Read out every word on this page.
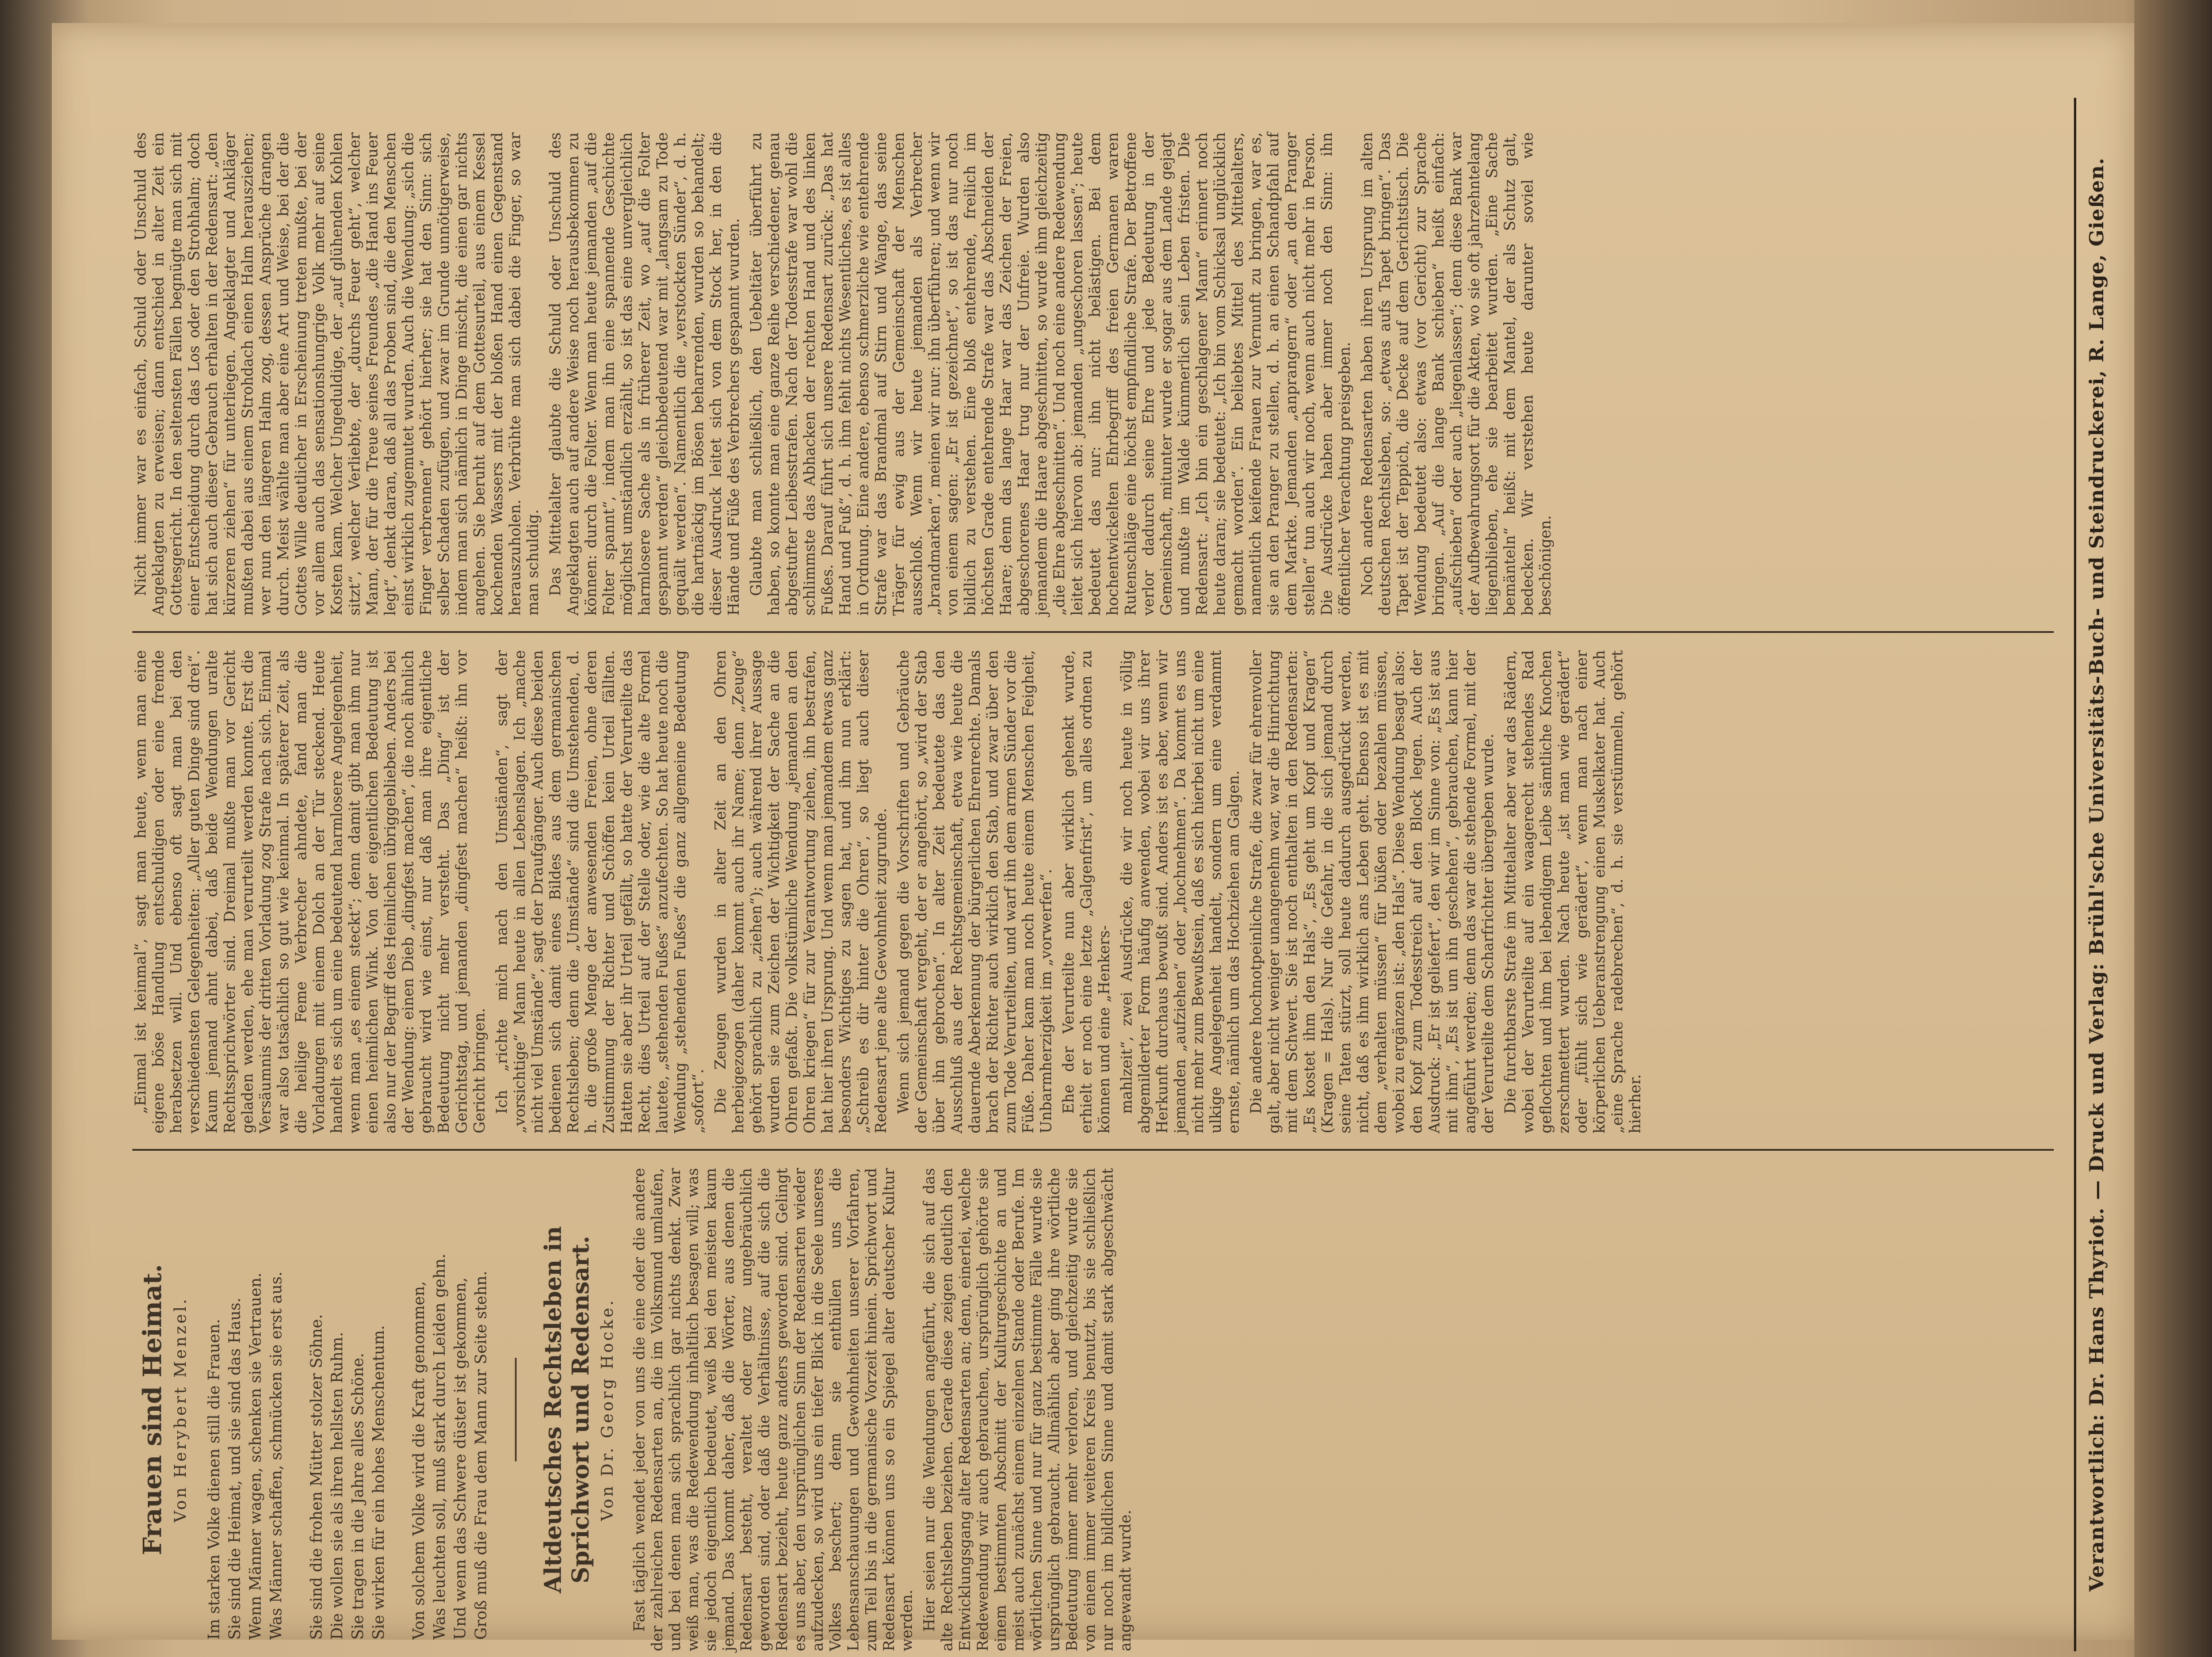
Frauen sind Heimat. Von Herybert Menzel. Im starken Volke dienen still die Frauen. Sie sind die Heimat, und sie sind das Haus. Wenn Männer wagen, schenken sie Vertrauen. Was Männer schaffen, schmücken sie erst aus. Sie sind die frohen Mütter stolzer Söhne. Die wollen sie als ihren hellsten Ruhm. Sie tragen in die Jahre alles Schöne. Sie wirken für ein hohes Menschentum. Von solchem Volke wird die Kraft genommen, Was leuchten soll, muß stark durch Leiden gehn. Und wenn das Schwere düster ist gekommen, Groß muß die Frau dem Mann zur Seite stehn. Altdeutsches Rechtsleben in Sprichwort und Redensart. Von Dr. Georg Hocke. Fast täglich wendet jeder von uns die eine oder die andere der zahlreichen Redensarten an, die im Volksmund umlaufen, und bei denen man sich sprachlich gar nichts denkt. Zwar weiß man, was die Redewendung inhaltlich besagen will; was sie jedoch eigentlich bedeutet, weiß bei den meisten kaum jemand. Das kommt daher, daß die Wörter, aus denen die Redensart besteht, veraltet oder ganz ungebräuchlich geworden sind, oder daß die Verhältnisse, auf die sich die Redensart bezieht, heute ganz anders geworden sind. Gelingt es uns aber, den ursprünglichen Sinn der Redensarten wieder aufzudecken, so wird uns ein tiefer Blick in die Seele unseres Volkes beschert; denn sie enthüllen uns die Lebensanschauungen und Gewohnheiten unserer Vorfahren, zum Teil bis in die germanische Vorzeit hinein. Sprichwort und Redensart können uns so ein Spiegel alter deutscher Kultur werden. Hier seien nur die Wendungen angeführt, die sich auf das alte Rechtsleben beziehen. Gerade diese zeigen deutlich den Entwicklungsgang alter Redensarten an; denn, einerlei, welche Redewendung wir auch gebrauchen, ursprünglich gehörte sie einem bestimmten Abschnitt der Kulturgeschichte an und meist auch zunächst einem einzelnen Stande oder Berufe. Im wörtlichen Sinne und nur für ganz bestimmte Fälle wurde sie ursprünglich gebraucht. Allmählich aber ging ihre wörtliche Bedeutung immer mehr verloren, und gleichzeitig wurde sie von einem immer weiteren Kreis benutzt, bis sie schließlich nur noch im bildlichen Sinne und damit stark abgeschwächt angewandt wurde.

„Einmal ist keinmal“, sagt man heute, wenn man eine eigene böse Handlung entschuldigen oder eine fremde herabsetzen will. Und ebenso oft sagt man bei den verschiedensten Gelegenheiten: „Aller guten Dinge sind drei“. Kaum jemand ahnt dabei, daß beide Wendungen uralte Rechtssprichwörter sind. Dreimal mußte man vor Gericht geladen werden, ehe man verurteilt werden konnte. Erst die Versäumnis der dritten Vorladung zog Strafe nach sich. Einmal war also tatsächlich so gut wie keinmal. In späterer Zeit, als die heilige Feme Verbrecher ahndete, fand man die Vorladungen mit einem Dolch an der Tür steckend. Heute handelt es sich um eine bedeutend harmlosere Angelegenheit, wenn man „es einem steckt“; denn damit gibt man ihm nur einen heimlichen Wink. Von der eigentlichen Bedeutung ist also nur der Begriff des Heimlichen übriggeblieben. Anders bei der Wendung: einen Dieb „dingfest machen“, die noch ähnlich gebraucht wird wie einst, nur daß man ihre eigentliche Bedeutung nicht mehr versteht. Das „Ding“ ist der Gerichtstag, und jemanden „dingfest machen“ heißt: ihn vor Gericht bringen. Ich „richte mich nach den Umständen“, sagt der „vorsichtige“ Mann heute in allen Lebenslagen. Ich „mache nicht viel Umstände“, sagt der Draufgänger. Auch diese beiden bedienen sich damit eines Bildes aus dem germanischen Rechtsleben; denn die „Umstände“ sind die Umstehenden, d. h. die große Menge der anwesenden Freien, ohne deren Zustimmung der Richter und Schöffen kein Urteil fällten. Hatten sie aber ihr Urteil gefällt, so hatte der Verurteilte das Recht, dies Urteil auf der Stelle oder, wie die alte Formel lautete, „stehenden Fußes“ anzufechten. So hat heute noch die Wendung „stehenden Fußes“ die ganz allgemeine Bedeutung „sofort“. Die Zeugen wurden in alter Zeit an den Ohren herbeigezogen (daher kommt auch ihr Name; denn „Zeuge“ gehört sprachlich zu „ziehen“); auch während ihrer Aussage wurden sie zum Zeichen der Wichtigkeit der Sache an die Ohren gefaßt. Die volkstümliche Wendung „jemanden an den Ohren kriegen“ für zur Verantwortung ziehen, ihn bestrafen, hat hier ihren Ursprung. Und wenn man jemandem etwas ganz besonders Wichtiges zu sagen hat, und ihm nun erklärt: „Schreib es dir hinter die Ohren“, so liegt auch dieser Redensart jene alte Gewohnheit zugrunde. Wenn sich jemand gegen die Vorschriften und Gebräuche der Gemeinschaft vergeht, der er angehört, so „wird der Stab über ihn gebrochen“. In alter Zeit bedeutete das den Ausschluß aus der Rechtsgemeinschaft, etwa wie heute die dauernde Aberkennung der bürgerlichen Ehrenrechte. Damals brach der Richter auch wirklich den Stab, und zwar über den zum Tode Verurteilten, und warf ihn dem armen Sünder vor die Füße. Daher kam man noch heute einem Menschen Feigheit, Unbarmherzigkeit im „vorwerfen“. Ehe der Verurteilte nun aber wirklich gehenkt wurde, erhielt er noch eine letzte „Galgenfrist“, um alles ordnen zu können und eine „Henkers- mahlzeit“, zwei Ausdrücke, die wir noch heute in völlig abgemilderter Form häufig anwenden, wobei wir uns ihrer Herkunft durchaus bewußt sind. Anders ist es aber, wenn wir jemanden „aufziehen“ oder „hochnehmen“. Da kommt es uns nicht mehr zum Bewußtsein, daß es sich hierbei nicht um eine ulkige Angelegenheit handelt, sondern um eine verdammt ernste, nämlich um das Hochziehen am Galgen. Die andere hochnotpeinliche Strafe, die zwar für ehrenvoller galt, aber nicht weniger unangenehm war, war die Hinrichtung mit dem Schwert. Sie ist noch enthalten in den Redensarten: „Es kostet ihm den Hals“, „Es geht um Kopf und Kragen“ (Kragen = Hals). Nur die Gefahr, in die sich jemand durch seine Taten stürzt, soll heute dadurch ausgedrückt werden, nicht, daß es ihm wirklich ans Leben geht. Ebenso ist es mit dem „verhalten müssen“ für büßen oder bezahlen müssen, wobei zu ergänzen ist: „den Hals“. Diese Wendung besagt also: den Kopf zum Todesstreich auf den Block legen. Auch der Ausdruck: „Er ist geliefert“, den wir im Sinne von: „Es ist aus mit ihm“, „Es ist um ihn geschehen“, gebrauchen, kann hier angeführt werden; denn das war die stehende Formel, mit der der Verurteilte dem Scharfrichter übergeben wurde. Die furchtbarste Strafe im Mittelalter aber war das Rädern, wobei der Verurteilte auf ein waagerecht stehendes Rad geflochten und ihm bei lebendigem Leibe sämtliche Knochen zerschmettert wurden. Nach heute „ist man wie gerädert“ oder „fühlt sich wie gerädert“, wenn man nach einer körperlichen Ueberanstrengung einen Muskelkater hat. Auch „eine Sprache radebrechen“, d. h. sie verstümmeln, gehört hierher.

Nicht immer war es einfach, Schuld oder Unschuld des Angeklagten zu erweisen; dann entschied in alter Zeit ein Gottesgericht. In den seltensten Fällen begnügte man sich mit einer Entscheidung durch das Los oder den Strohhalm; doch hat sich auch dieser Gebrauch erhalten in der Redensart: „den kürzeren ziehen“ für unterliegen. Angeklagter und Ankläger mußten dabei aus einem Strohdach einen Halm herausziehen; wer nun den längeren Halm zog, dessen Ansprüche drangen durch. Meist wählte man aber eine Art und Weise, bei der die Gottes Wille deutlicher in Erscheinung treten mußte, bei der vor allem auch das sensationshungrige Volk mehr auf seine Kosten kam. Welcher Ungeduldige, der „auf glühenden Kohlen sitzt“, welcher Verliebte, der „durchs Feuer geht“, welcher Mann, der für die Treue seines Freundes „die Hand ins Feuer legt“, denkt daran, daß all das Proben sind, die den Menschen einst wirklich zugemutet wurden. Auch die Wendung: „sich die Finger verbrennen“ gehört hierher; sie hat den Sinn: sich selber Schaden zufügen, und zwar im Grunde unnötigerweise, indem man sich nämlich in Dinge mischt, die einen gar nichts angehen. Sie beruht auf dem Gottesurteil, aus einem Kessel kochenden Wassers mit der bloßen Hand einen Gegenstand herauszuholen. Verbrühte man sich dabei die Finger, so war man schuldig. Das Mittelalter glaubte die Schuld oder Unschuld des Angeklagten auch auf andere Weise noch herausbekommen zu können: durch die Folter. Wenn man heute jemanden „auf die Folter spannt“, indem man ihn eine spannende Geschichte möglichst umständlich erzählt, so ist das eine unvergleichlich harmlosere Sache als in früherer Zeit, wo „auf die Folter gespannt werden“ gleichbedeutend war mit „langsam zu Tode gequält werden“. Namentlich die „verstockten Sünder“, d. h. die hartnäckig im Bösen beharrenden, wurden so behandelt; dieser Ausdruck leitet sich von dem Stock her, in den die Hände und Füße des Verbrechers gespannt wurden. Glaubte man schließlich, den Uebeltäter überführt zu haben, so konnte man eine ganze Reihe verschiedener, genau abgestufter Leibesstrafen. Nach der Todesstrafe war wohl die schlimmste das Abhacken der rechten Hand und des linken Fußes. Darauf führt sich unsere Redensart zurück: „Das hat Hand und Fuß“, d. h. ihm fehlt nichts Wesentliches, es ist alles in Ordnung. Eine andere, ebenso schmerzliche wie entehrende Strafe war das Brandmal auf Stirn und Wange, das seine Träger für ewig aus der Gemeinschaft der Menschen ausschloß. Wenn wir heute jemanden als Verbrecher „brandmarken“, meinen wir nur: ihn überführen; und wenn wir von einem sagen: „Er ist gezeichnet“, so ist das nur noch bildlich zu verstehen. Eine bloß entehrende, freilich im höchsten Grade entehrende Strafe war das Abschneiden der Haare; denn das lange Haar war das Zeichen der Freien, abgeschorenes Haar trug nur der Unfreie. Wurden also jemandem die Haare abgeschnitten, so wurde ihm gleichzeitig „die Ehre abgeschnitten“. Und noch eine andere Redewendung leitet sich hiervon ab: jemanden „ungeschoren lassen“; heute bedeutet das nur: ihn nicht belästigen. Bei dem hochentwickelten Ehrbegriff des freien Germanen waren Rutenschläge eine höchst empfindliche Strafe. Der Betroffene verlor dadurch seine Ehre und jede Bedeutung in der Gemeinschaft, mitunter wurde er sogar aus dem Lande gejagt und mußte im Walde kümmerlich sein Leben fristen. Die Redensart: „Ich bin ein geschlagener Mann“ erinnert noch heute daran; sie bedeutet: „Ich bin vom Schicksal unglücklich gemacht worden“. Ein beliebtes Mittel des Mittelalters, namentlich keifende Frauen zur Vernunft zu bringen, war es, sie an den Pranger zu stellen, d. h. an einen Schandpfahl auf dem Markte. Jemanden „anprangern“ oder „an den Pranger stellen“ tun auch wir noch, wenn auch nicht mehr in Person. Die Ausdrücke haben aber immer noch den Sinn: ihn öffentlicher Verachtung preisgeben. Noch andere Redensarten haben ihren Ursprung im alten deutschen Rechtsleben, so: „etwas aufs Tapet bringen“. Das Tapet ist der Teppich, die Decke auf dem Gerichtstisch. Die Wendung bedeutet also: etwas (vor Gericht) zur Sprache bringen. „Auf die lange Bank schieben“ heißt einfach: „aufschieben“ oder auch „liegenlassen“; denn diese Bank war der Aufbewahrungsort für die Akten, wo sie oft jahrzehntelang liegenblieben, ehe sie bearbeitet wurden. „Eine Sache bemänteln“ heißt: mit dem Mantel, der als Schutz galt, bedecken. Wir verstehen heute darunter soviel wie beschönigen.	Verantwortlich: Dr. Hans Thyriot. — Druck und Verlag: Brühl'sche Universitäts-Buch- und Steindruckerei, R. Lange, Gießen.
